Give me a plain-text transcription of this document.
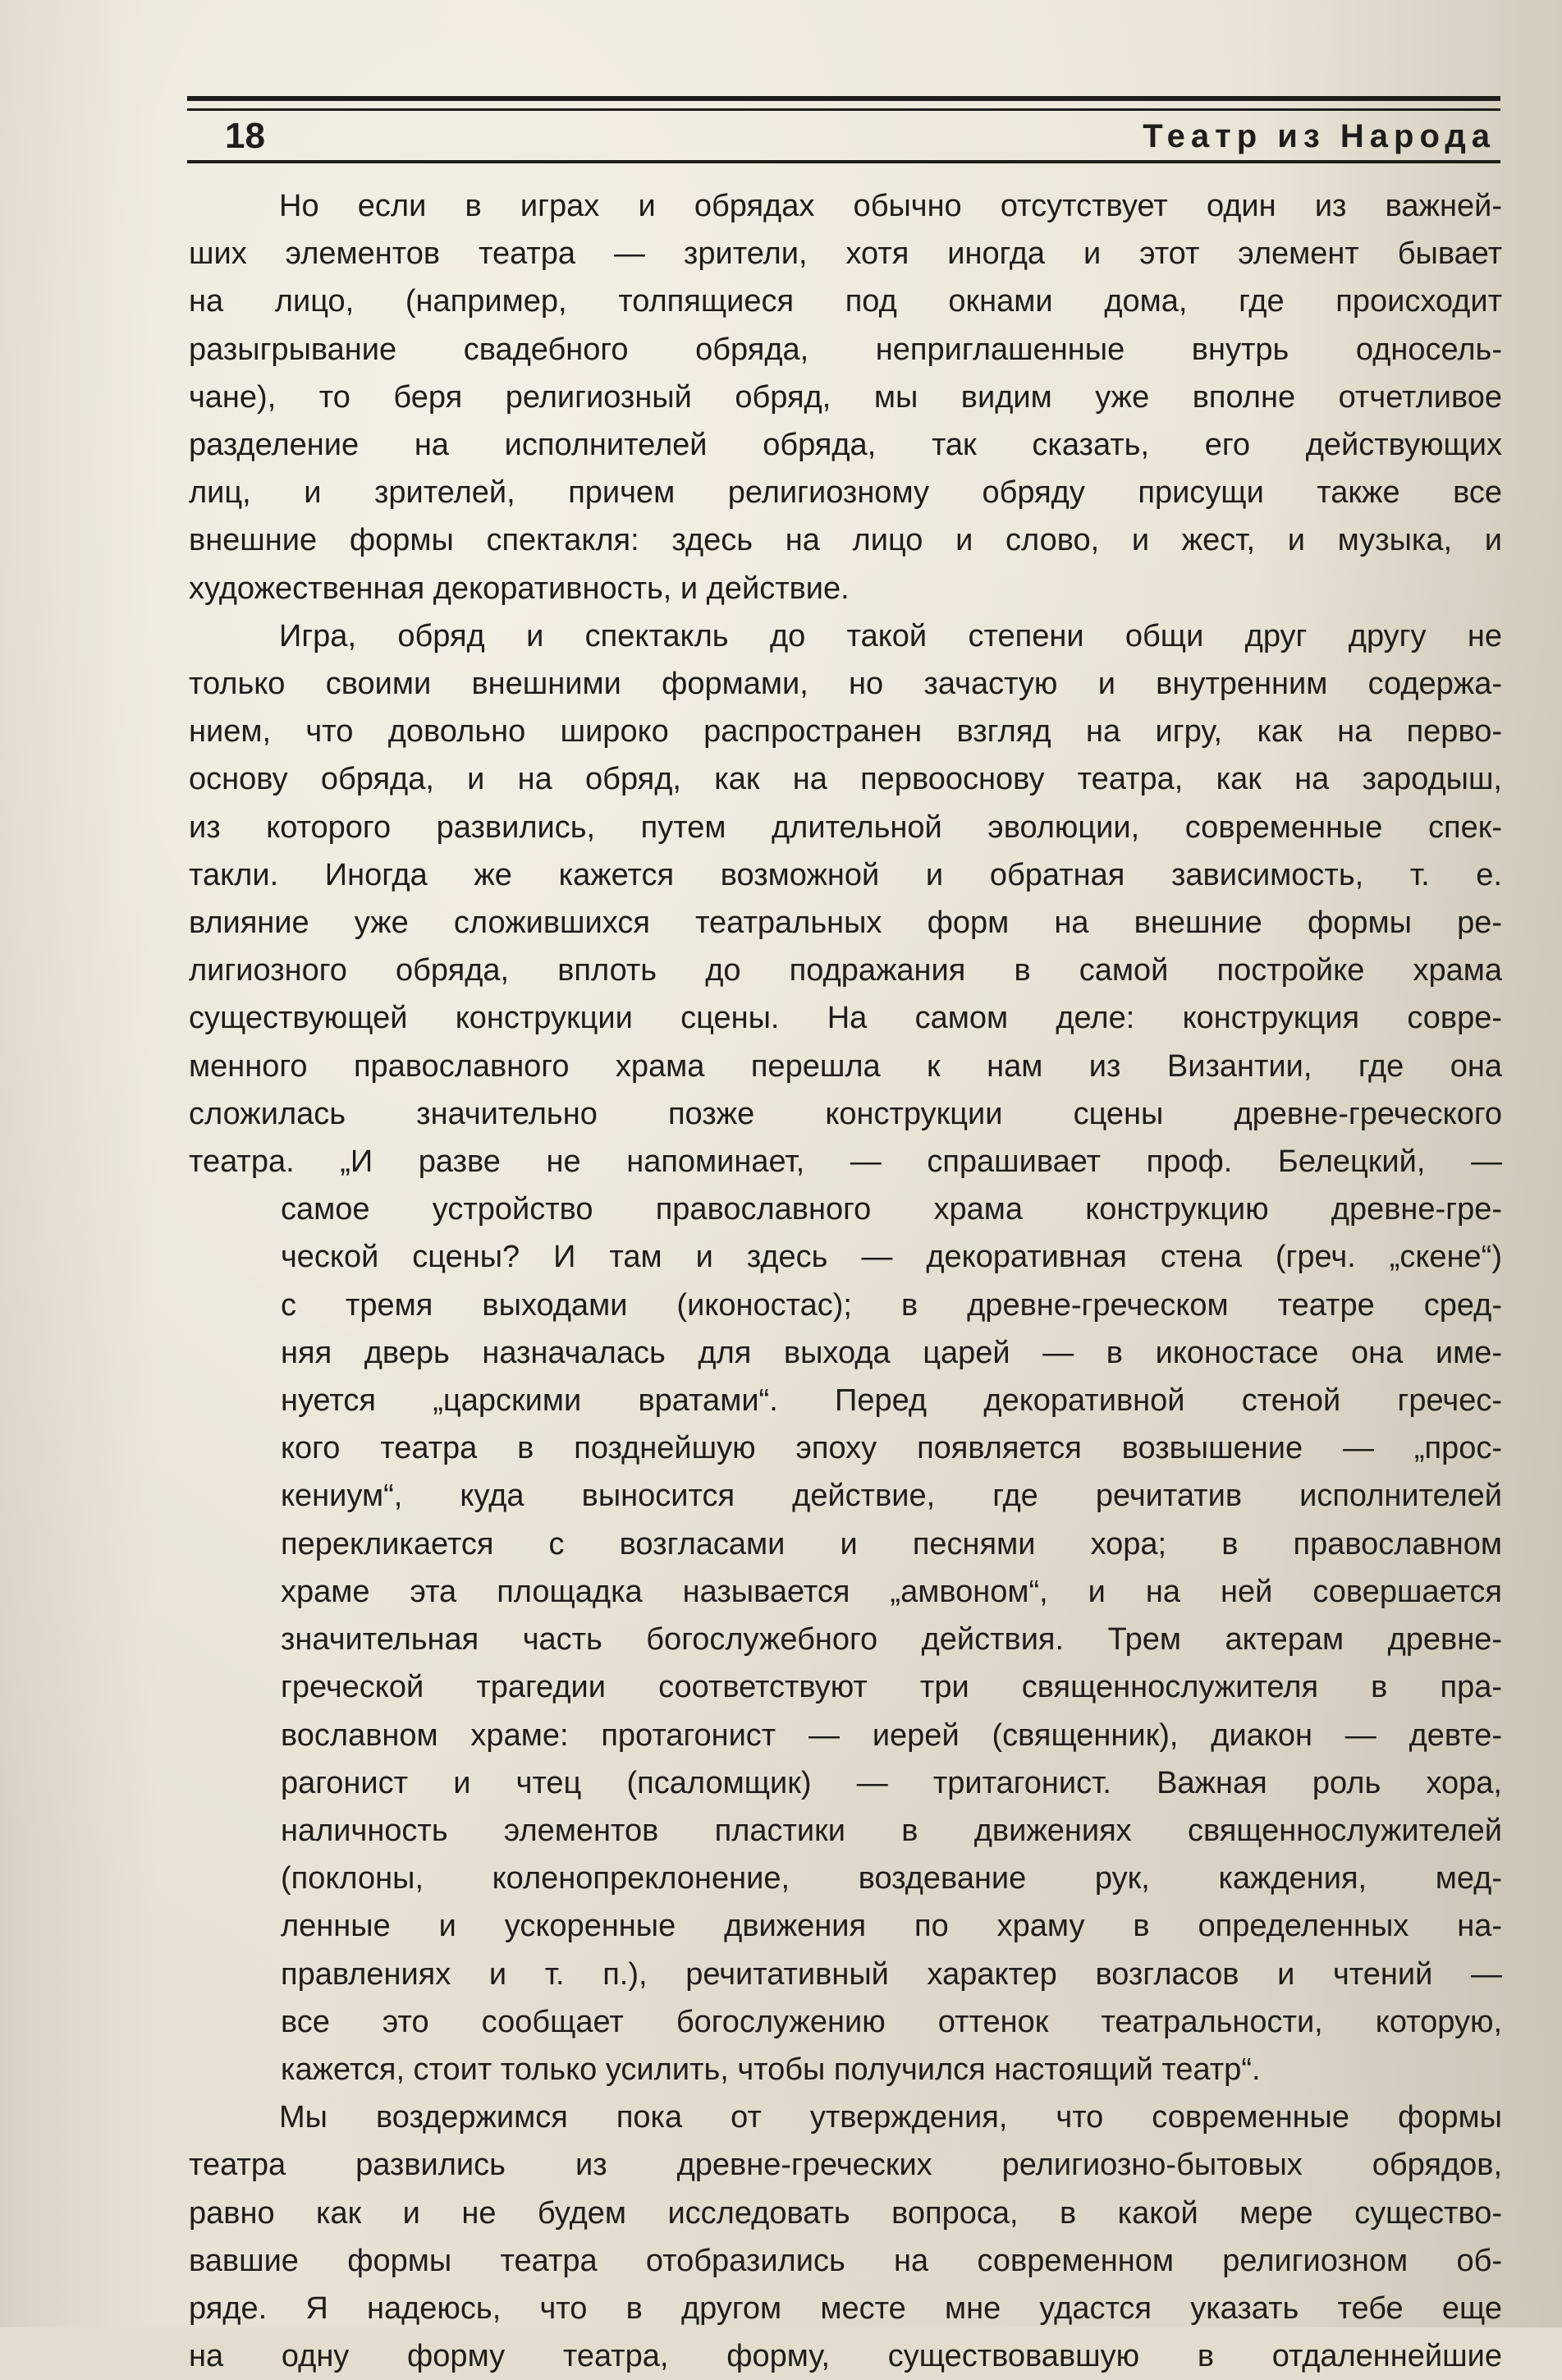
18	Театр из Народа

Но если в играх и обрядах обычно отсутствует один из важней-
ших элементов театра — зрители, хотя иногда и этот элемент бывает
на лицо, (например, толпящиеся под окнами дома, где происходит
разыгрывание свадебного обряда, неприглашенные внутрь односель-
чане), то беря религиозный обряд, мы видим уже вполне отчетливое
разделение на исполнителей обряда, так сказать, его действующих
лиц, и зрителей, причем религиозному обряду присущи также все
внешние формы спектакля: здесь на лицо и слово, и жест, и музыка, и
художественная декоративность, и действие.

Игра, обряд и спектакль до такой степени общи друг другу не
только своими внешними формами, но зачастую и внутренним содержа-
нием, что довольно широко распространен взгляд на игру, как на перво-
основу обряда, и на обряд, как на первооснову театра, как на зародыш,
из которого развились, путем длительной эволюции, современные спек-
такли. Иногда же кажется возможной и обратная зависимость, т. е.
влияние уже сложившихся театральных форм на внешние формы ре-
лигиозного обряда, вплоть до подражания в самой постройке храма
существующей конструкции сцены. На самом деле: конструкция совре-
менного православного храма перешла к нам из Византии, где она
сложилась значительно позже конструкции сцены древне-греческого
театра. „И разве не напоминает, — спрашивает проф. Белецкий, —

самое устройство православного храма конструкцию древне-гре-
ческой сцены? И там и здесь — декоративная стена (греч. „скене“)
с тремя выходами (иконостас); в древне-греческом театре сред-
няя дверь назначалась для выхода царей — в иконостасе она име-
нуется „царскими вратами“. Перед декоративной стеной гречес-
кого театра в позднейшую эпоху появляется возвышение — „прос-
кениум“, куда выносится действие, где речитатив исполнителей
перекликается с возгласами и песнями хора; в православном
храме эта площадка называется „амвоном“, и на ней совершается
значительная часть богослужебного действия. Трем актерам древне-
греческой трагедии соответствуют три священнослужителя в пра-
вославном храме: протагонист — иерей (священник), диакон — девте-
рагонист и чтец (псаломщик) — тритагонист. Важная роль хора,
наличность элементов пластики в движениях священнослужителей
(поклоны, коленопреклонение, воздевание рук, каждения, мед-
ленные и ускоренные движения по храму в определенных на-
правлениях и т. п.), речитативный характер возгласов и чтений —
все это сообщает богослужению оттенок театральности, которую,
кажется, стоит только усилить, чтобы получился настоящий театр“.

Мы воздержимся пока от утверждения, что современные формы
театра развились из древне-греческих религиозно-бытовых обрядов,
равно как и не будем исследовать вопроса, в какой мере существо-
вавшие формы театра отобразились на современном религиозном об-
ряде. Я надеюсь, что в другом месте мне удастся указать тебе еще
на одну форму театра, форму, существовавшую в отдаленнейшие
